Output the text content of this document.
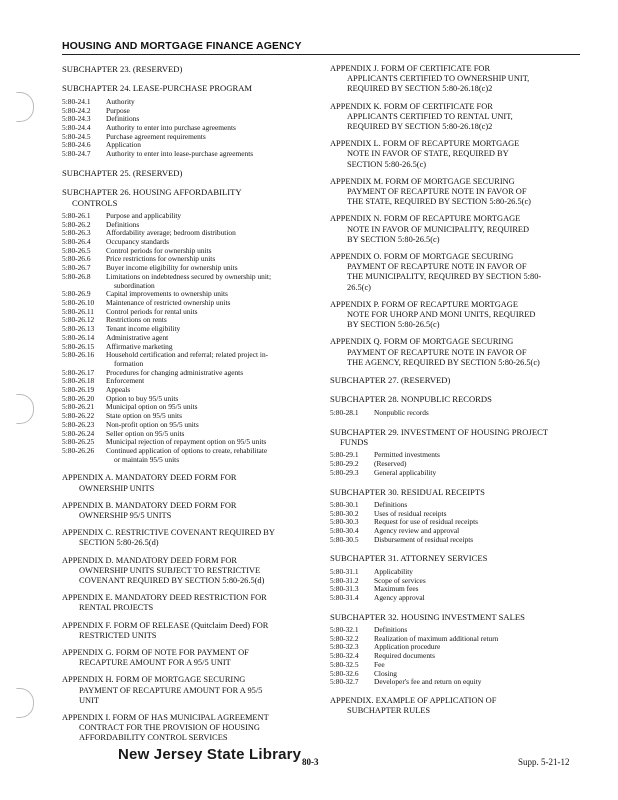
HOUSING AND MORTGAGE FINANCE AGENCY
SUBCHAPTER 23. (RESERVED)
SUBCHAPTER 24. LEASE-PURCHASE PROGRAM
5:80-24.1	Authority
5:80-24.2	Purpose
5:80-24.3	Definitions
5:80-24.4	Authority to enter into purchase agreements
5:80-24.5	Purchase agreement requirements
5:80-24.6	Application
5:80-24.7	Authority to enter into lease-purchase agreements
SUBCHAPTER 25. (RESERVED)
SUBCHAPTER 26. HOUSING AFFORDABILITY
CONTROLS
5:80-26.1	Purpose and applicability
5:80-26.2	Definitions
5:80-26.3	Affordability average; bedroom distribution
5:80-26.4	Occupancy standards
5:80-26.5	Control periods for ownership units
5:80-26.6	Price restrictions for ownership units
5:80-26.7	Buyer income eligibility for ownership units
5:80-26.8	Limitations on indebtedness secured by ownership unit;
subordination
5:80-26.9	Capital improvements to ownership units
5:80-26.10	Maintenance of restricted ownership units
5:80-26.11	Control periods for rental units
5:80-26.12	Restrictions on rents
5:80-26.13	Tenant income eligibility
5:80-26.14	Administrative agent
5:80-26.15	Affirmative marketing
5:80-26.16	Household certification and referral; related project in-
formation
5:80-26.17	Procedures for changing administrative agents
5:80-26.18	Enforcement
5:80-26.19	Appeals
5:80-26.20	Option to buy 95/5 units
5:80-26.21	Municipal option on 95/5 units
5:80-26.22	State option on 95/5 units
5:80-26.23	Non-profit option on 95/5 units
5:80-26.24	Seller option on 95/5 units
5:80-26.25	Municipal rejection of repayment option on 95/5 units
5:80-26.26	Continued application of options to create, rehabilitate
or maintain 95/5 units
APPENDIX A. MANDATORY DEED FORM FOR
OWNERSHIP UNITS
APPENDIX B. MANDATORY DEED FORM FOR
OWNERSHIP 95/5 UNITS
APPENDIX C. RESTRICTIVE COVENANT REQUIRED BY
SECTION 5:80-26.5(d)
APPENDIX D. MANDATORY DEED FORM FOR
OWNERSHIP UNITS SUBJECT TO RESTRICTIVE
COVENANT REQUIRED BY SECTION 5:80-26.5(d)
APPENDIX E. MANDATORY DEED RESTRICTION FOR
RENTAL PROJECTS
APPENDIX F. FORM OF RELEASE (Quitclaim Deed) FOR
RESTRICTED UNITS
APPENDIX G. FORM OF NOTE FOR PAYMENT OF
RECAPTURE AMOUNT FOR A 95/5 UNIT
APPENDIX H. FORM OF MORTGAGE SECURING
PAYMENT OF RECAPTURE AMOUNT FOR A 95/5
UNIT
APPENDIX I. FORM OF HAS MUNICIPAL AGREEMENT
CONTRACT FOR THE PROVISION OF HOUSING
AFFORDABILITY CONTROL SERVICES
APPENDIX J. FORM OF CERTIFICATE FOR
APPLICANTS CERTIFIED TO OWNERSHIP UNIT,
REQUIRED BY SECTION 5:80-26.18(c)2
APPENDIX K. FORM OF CERTIFICATE FOR
APPLICANTS CERTIFIED TO RENTAL UNIT,
REQUIRED BY SECTION 5:80-26.18(c)2
APPENDIX L. FORM OF RECAPTURE MORTGAGE
NOTE IN FAVOR OF STATE, REQUIRED BY
SECTION 5:80-26.5(c)
APPENDIX M. FORM OF MORTGAGE SECURING
PAYMENT OF RECAPTURE NOTE IN FAVOR OF
THE STATE, REQUIRED BY SECTION 5:80-26.5(c)
APPENDIX N. FORM OF RECAPTURE MORTGAGE
NOTE IN FAVOR OF MUNICIPALITY, REQUIRED
BY SECTION 5:80-26.5(c)
APPENDIX O. FORM OF MORTGAGE SECURING
PAYMENT OF RECAPTURE NOTE IN FAVOR OF
THE MUNICIPALITY, REQUIRED BY SECTION 5:80-
26.5(c)
APPENDIX P. FORM OF RECAPTURE MORTGAGE
NOTE FOR UHORP AND MONI UNITS, REQUIRED
BY SECTION 5:80-26.5(c)
APPENDIX Q. FORM OF MORTGAGE SECURING
PAYMENT OF RECAPTURE NOTE IN FAVOR OF
THE AGENCY, REQUIRED BY SECTION 5:80-26.5(c)
SUBCHAPTER 27. (RESERVED)
SUBCHAPTER 28. NONPUBLIC RECORDS
5:80-28.1	Nonpublic records
SUBCHAPTER 29. INVESTMENT OF HOUSING PROJECT
FUNDS
5:80-29.1	Permitted investments
5:80-29.2	(Reserved)
5:80-29.3	General applicability
SUBCHAPTER 30. RESIDUAL RECEIPTS
5:80-30.1	Definitions
5:80-30.2	Uses of residual receipts
5:80-30.3	Request for use of residual receipts
5:80-30.4	Agency review and approval
5:80-30.5	Disbursement of residual receipts
SUBCHAPTER 31. ATTORNEY SERVICES
5:80-31.1	Applicability
5:80-31.2	Scope of services
5:80-31.3	Maximum fees
5:80-31.4	Agency approval
SUBCHAPTER 32. HOUSING INVESTMENT SALES
5:80-32.1	Definitions
5:80-32.2	Realization of maximum additional return
5:80-32.3	Application procedure
5:80-32.4	Required documents
5:80-32.5	Fee
5:80-32.6	Closing
5:80-32.7	Developer's fee and return on equity
APPENDIX. EXAMPLE OF APPLICATION OF
SUBCHAPTER RULES
New Jersey State Library 80-3	Supp. 5-21-12
